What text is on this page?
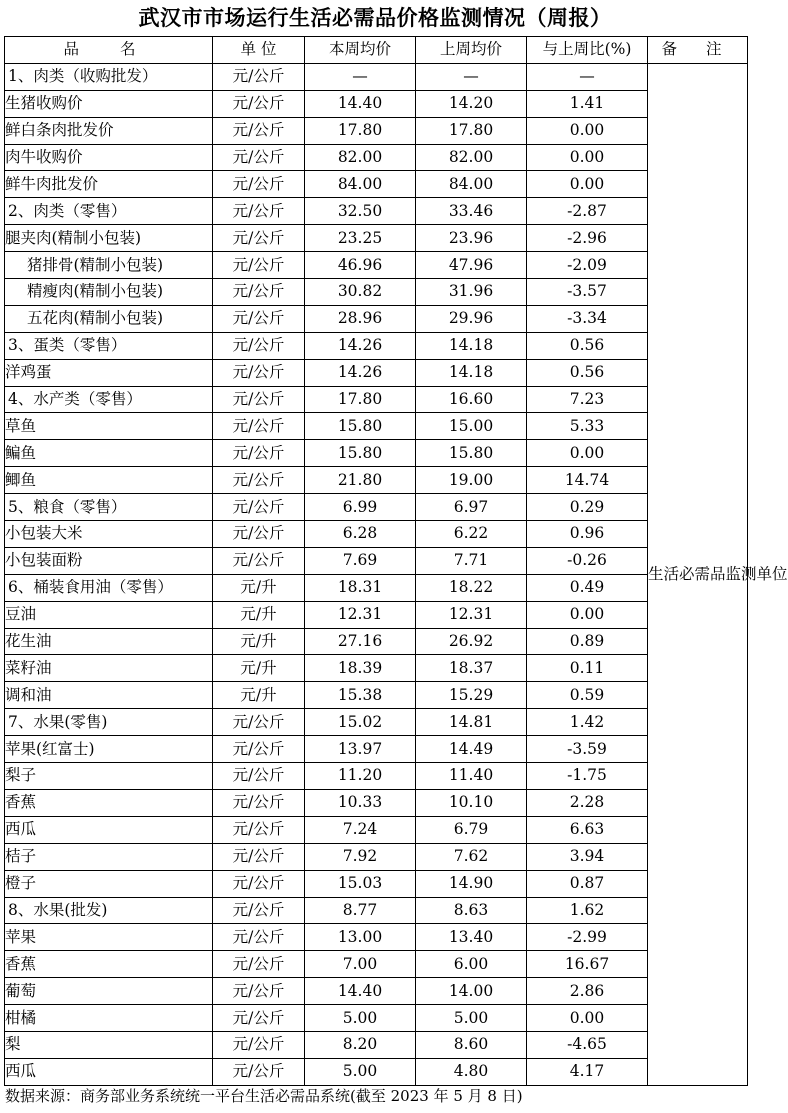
武汉市市场运行生活必需品价格监测情况（周报）
品 名	单 位	本周均价	上周均价	与上周比(%)	备 注
1、肉类（收购批发）	元/公斤	—	—	—	生活必需品监测单位
生猪收购价	元/公斤	14.40	14.20	1.41	
鲜白条肉批发价	元/公斤	17.80	17.80	0.00	
肉牛收购价	元/公斤	82.00	82.00	0.00	
鲜牛肉批发价	元/公斤	84.00	84.00	0.00	
2、肉类（零售）	元/公斤	32.50	33.46	-2.87	
腿夹肉(精制小包装)	元/公斤	23.25	23.96	-2.96	
猪排骨(精制小包装)	元/公斤	46.96	47.96	-2.09	
精瘦肉(精制小包装)	元/公斤	30.82	31.96	-3.57	
五花肉(精制小包装)	元/公斤	28.96	29.96	-3.34	
3、蛋类（零售）	元/公斤	14.26	14.18	0.56	
洋鸡蛋	元/公斤	14.26	14.18	0.56	
4、水产类（零售）	元/公斤	17.80	16.60	7.23	
草鱼	元/公斤	15.80	15.00	5.33	
鳊鱼	元/公斤	15.80	15.80	0.00	
鲫鱼	元/公斤	21.80	19.00	14.74	
5、粮食（零售）	元/公斤	6.99	6.97	0.29	
小包装大米	元/公斤	6.28	6.22	0.96	
小包装面粉	元/公斤	7.69	7.71	-0.26	
6、桶装食用油（零售）	元/升	18.31	18.22	0.49	
豆油	元/升	12.31	12.31	0.00	
花生油	元/升	27.16	26.92	0.89	
菜籽油	元/升	18.39	18.37	0.11	
调和油	元/升	15.38	15.29	0.59	
7、水果(零售)	元/公斤	15.02	14.81	1.42	
苹果(红富士)	元/公斤	13.97	14.49	-3.59	
梨子	元/公斤	11.20	11.40	-1.75	
香蕉	元/公斤	10.33	10.10	2.28	
西瓜	元/公斤	7.24	6.79	6.63	
桔子	元/公斤	7.92	7.62	3.94	
橙子	元/公斤	15.03	14.90	0.87	
8、水果(批发)	元/公斤	8.77	8.63	1.62	
苹果	元/公斤	13.00	13.40	-2.99	
香蕉	元/公斤	7.00	6.00	16.67	
葡萄	元/公斤	14.40	14.00	2.86	
柑橘	元/公斤	5.00	5.00	0.00	
梨	元/公斤	8.20	8.60	-4.65	
西瓜	元/公斤	5.00	4.80	4.17	
数据来源：商务部业务系统统一平台生活必需品系统(截至 2023 年 5 月 8 日)
